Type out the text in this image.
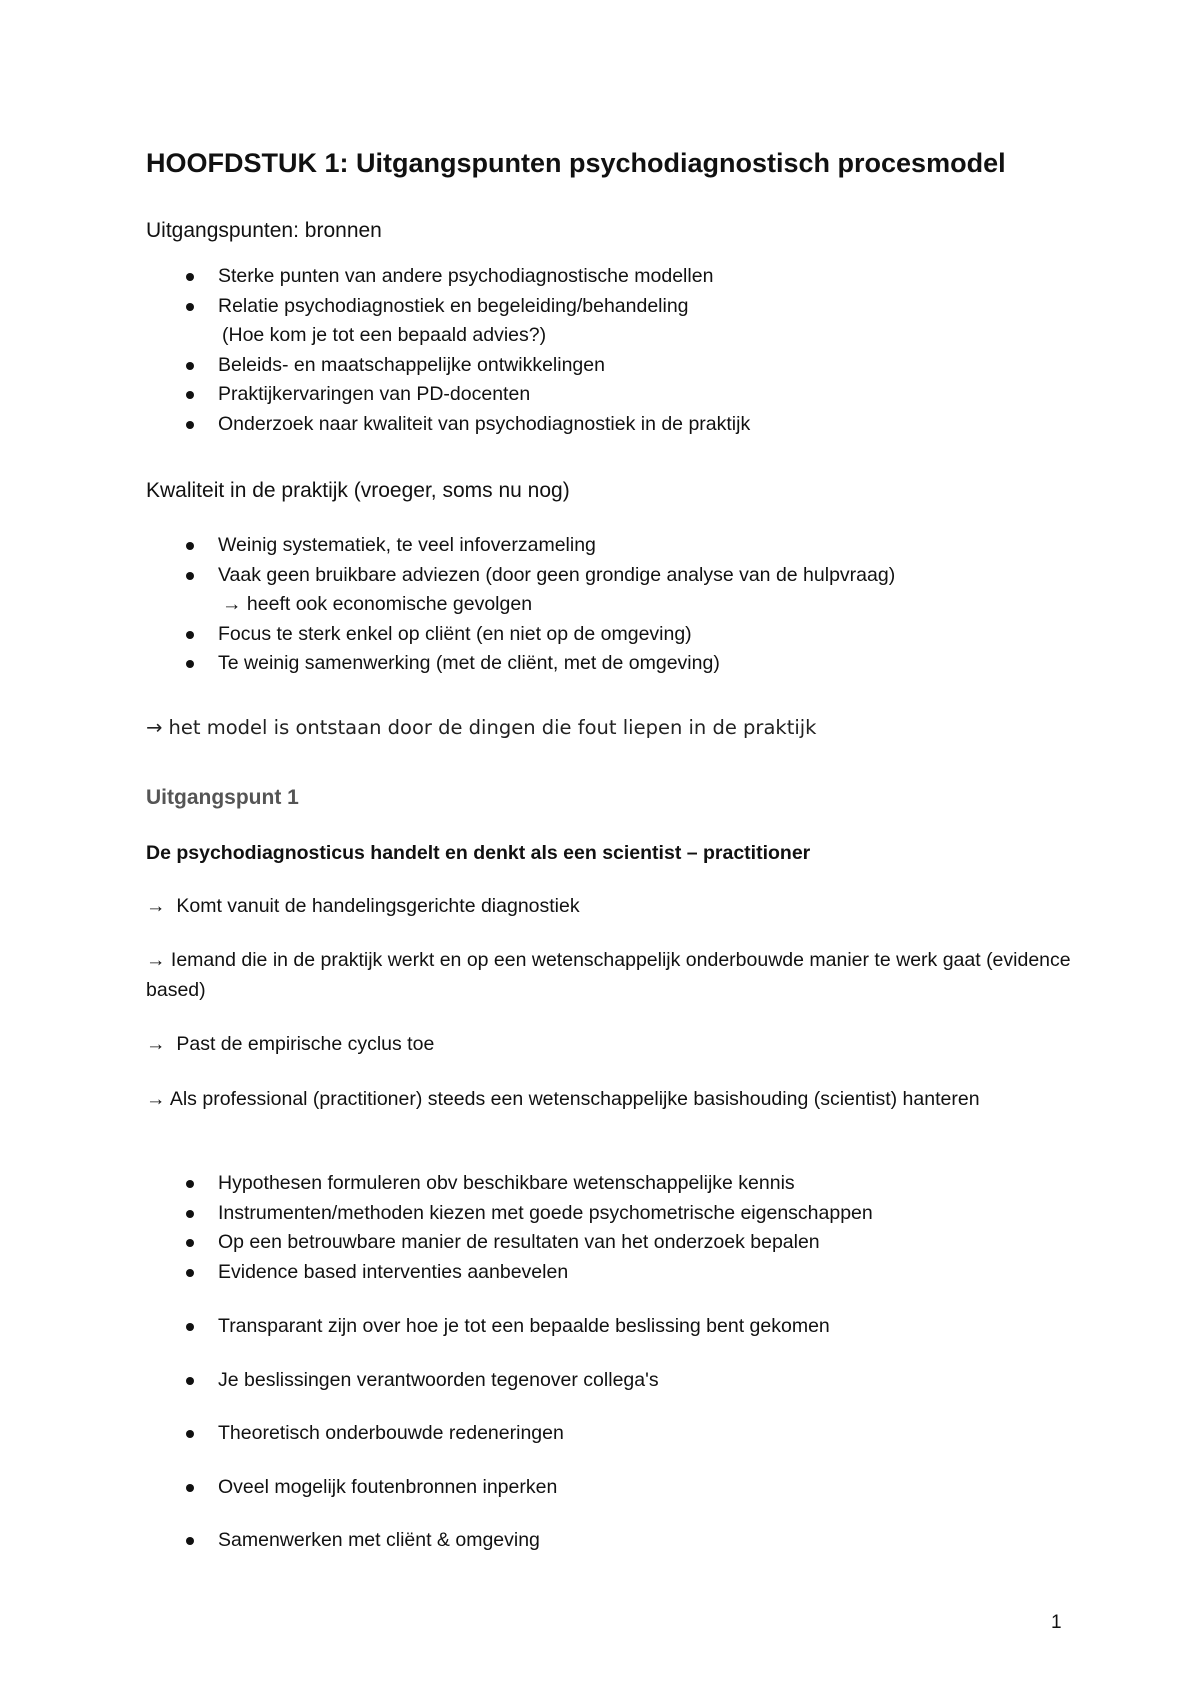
HOOFDSTUK 1: Uitgangspunten psychodiagnostisch procesmodel
Uitgangspunten: bronnen
Sterke punten van andere psychodiagnostische modellen
Relatie psychodiagnostiek en begeleiding/behandeling
(Hoe kom je tot een bepaald advies?)
Beleids- en maatschappelijke ontwikkelingen
Praktijkervaringen van PD-docenten
Onderzoek naar kwaliteit van psychodiagnostiek in de praktijk
Kwaliteit in de praktijk (vroeger, soms nu nog)
Weinig systematiek, te veel infoverzameling
Vaak geen bruikbare adviezen (door geen grondige analyse van de hulpvraag)
→ heeft ook economische gevolgen
Focus te sterk enkel op cliënt (en niet op de omgeving)
Te weinig samenwerking (met de cliënt, met de omgeving)
→ het model is ontstaan door de dingen die fout liepen in de praktijk
Uitgangspunt 1
De psychodiagnosticus handelt en denkt als een scientist – practitioner
→ Komt vanuit de handelingsgerichte diagnostiek
→ Iemand die in de praktijk werkt en op een wetenschappelijk onderbouwde manier te werk gaat (evidence based)
→ Past de empirische cyclus toe
→ Als professional (practitioner) steeds een wetenschappelijke basishouding (scientist) hanteren
Hypothesen formuleren obv beschikbare wetenschappelijke kennis
Instrumenten/methoden kiezen met goede psychometrische eigenschappen
Op een betrouwbare manier de resultaten van het onderzoek bepalen
Evidence based interventies aanbevelen
Transparant zijn over hoe je tot een bepaalde beslissing bent gekomen
Je beslissingen verantwoorden tegenover collega's
Theoretisch onderbouwde redeneringen
Oveel mogelijk foutenbronnen inperken
Samenwerken met cliënt & omgeving
1
